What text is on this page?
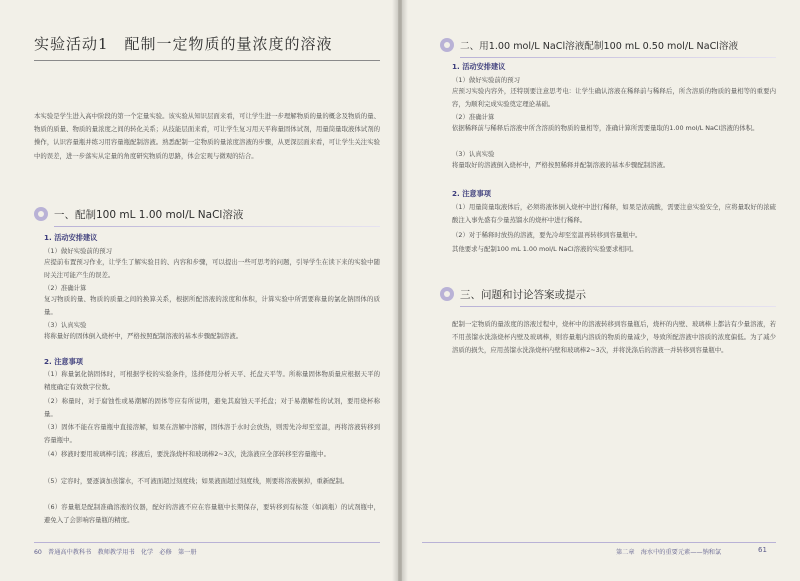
实验活动1　配制一定物质的量浓度的溶液
本实验是学生进入高中阶段的第一个定量实验。该实验从知识层面来看，可让学生进一步理解物质的量的概念及物质的量、物质的质量、物质的量浓度之间的转化关系；从技能层面来看，可让学生复习用天平称量固体试剂，用量筒量取液体试剂的操作，认识容量瓶并练习用容量瓶配制溶液。熟悉配制一定物质的量浓度溶液的步骤，从更深层面来看，可让学生关注实验中的误差，进一步落实从定量的角度研究物质的思路，体会宏观与微观的结合。
一、配制100 mL 1.00 mol/L NaCl溶液
1. 活动安排建议
（1）做好实验前的预习
应提前布置预习作业，让学生了解实验目的、内容和步骤，可以提出一些可思考的问题，引导学生在读下来的实验中随时关注可能产生的误差。
（2）准确计算
复习物质的量、物质的质量之间的换算关系，根据所配溶液的浓度和体积，计算实验中所需要称量的氯化钠固体的质量。
（3）认真实验
将称量好的固体倒入烧杯中，严格按照配制溶液的基本步骤配制溶液。
2. 注意事项
（1）称量氯化钠固体时，可根据学校的实验条件，选择使用分析天平、托盘天平等。所称量固体物质量应根据天平的精度确定有效数字位数。
（2）称量时，对于腐蚀性或易潮解的固体等应有所说明，避免其腐蚀天平托盘；对于易潮解性的试剂，要用烧杯称量。
（3）固体不能在容量瓶中直接溶解，如果在溶解中溶解，固体溶于水时会放热，则需先冷却至室温，再将溶液转移到容量瓶中。
（4）移液时要用玻璃棒引流；移液后，要洗涤烧杯和玻璃棒2~3次，洗涤液应全部转移至容量瓶中。
（5）定容时，要逐滴加蒸馏水，不可液面超过刻度线；如果液面超过刻度线，则要将溶液倒掉，重新配制。
（6）容量瓶是配制准确溶液的仪器，配好的溶液不应在容量瓶中长期保存，要转移到有标签（如滴瓶）的试剂瓶中，避免入了会影响容量瓶的精度。
60　普通高中教科书　教师教学用书　化学　必修　第一册
二、用1.00 mol/L NaCl溶液配制100 mL 0.50 mol/L NaCl溶液
1. 活动安排建议
（1）做好实验前的预习
应预习实验内容外，还特别要注意思考电：让学生确认溶液在稀释前与稀释后，所含溶质的物质的量相等的重要内容，为顺利完成实验奠定理论基础。
（2）准确计算
依据稀释前与稀释后溶液中所含溶质的物质的量相等，准确计算所需要量取的1.00 mol/L NaCl溶液的体积。
（3）认真实验
将量取好的溶液倒入烧杯中，严格按照稀释并配制溶液的基本步骤配制溶液。
2. 注意事项
（1）用量筒量取液体后，必须将液体倒入烧杯中进行稀释，如果是浓硫酸，需要注意实验安全，应将量取好的浓硫酸注入事先盛有少量蒸馏水的烧杯中进行稀释。
（2）对于稀释时放热的溶液，要先冷却至室温再转移到容量瓶中。
其他要求与配制100 mL 1.00 mol/L NaCl溶液的实验要求相同。
三、问题和讨论答案或提示
配制一定物质的量浓度的溶液过程中，烧杯中的溶液转移到容量瓶后，烧杯的内壁、玻璃棒上都沾有少量溶液，若不用蒸馏水洗涤烧杯内壁及玻璃棒，则容量瓶内溶质的物质的量减少，导致所配溶液中溶质的浓度偏低。为了减少溶质的损失，应用蒸馏水洗涤烧杯内壁和玻璃棒2~3次，并将洗涤后的溶液一并转移到容量瓶中。
第二章　海水中的重要元素——钠和氯	61
